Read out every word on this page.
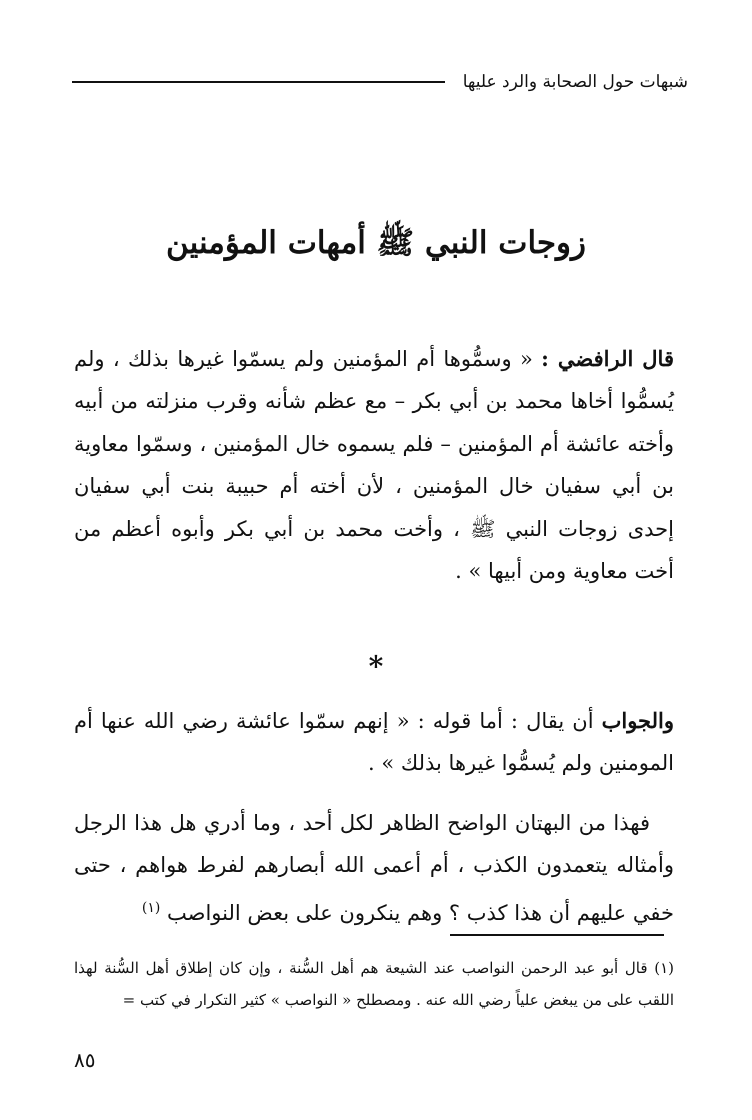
شبهات حول الصحابة والرد عليها
زوجات النبي ﷺ أمهات المؤمنين
قال الرافضي : « وسمُّوها أم المؤمنين ولم يسمّوا غيرها بذلك ، ولم يُسمُّوا أخاها محمد بن أبي بكر – مع عظم شأنه وقرب منزلته من أبيه وأخته عائشة أم المؤمنين – فلم يسموه خال المؤمنين ، وسمّوا معاوية بن أبي سفيان خال المؤمنين ، لأن أخته أم حبيبة بنت أبي سفيان إحدى زوجات النبي ﷺ ، وأخت محمد بن أبي بكر وأبوه أعظم من أخت معاوية ومن أبيها » .
*
والجواب أن يقال : أما قوله : « إنهم سمّوا عائشة رضي الله عنها أم المومنين ولم يُسمُّوا غيرها بذلك » .
فهذا من البهتان الواضح الظاهر لكل أحد ، وما أدري هل هذا الرجل وأمثاله يتعمدون الكذب ، أم أعمى الله أبصارهم لفرط هواهم ، حتى خفي عليهم أن هذا كذب ؟ وهم ينكرون على بعض النواصب $^{(١)}$
(١) قال أبو عبد الرحمن النواصب عند الشيعة هم أهل السُّنة ، وإن كان إطلاق أهل السُّنة لهذا اللقب على من يبغض علياً رضي الله عنه . ومصطلح « النواصب » كثير التكرار في كتب =
٨٥
